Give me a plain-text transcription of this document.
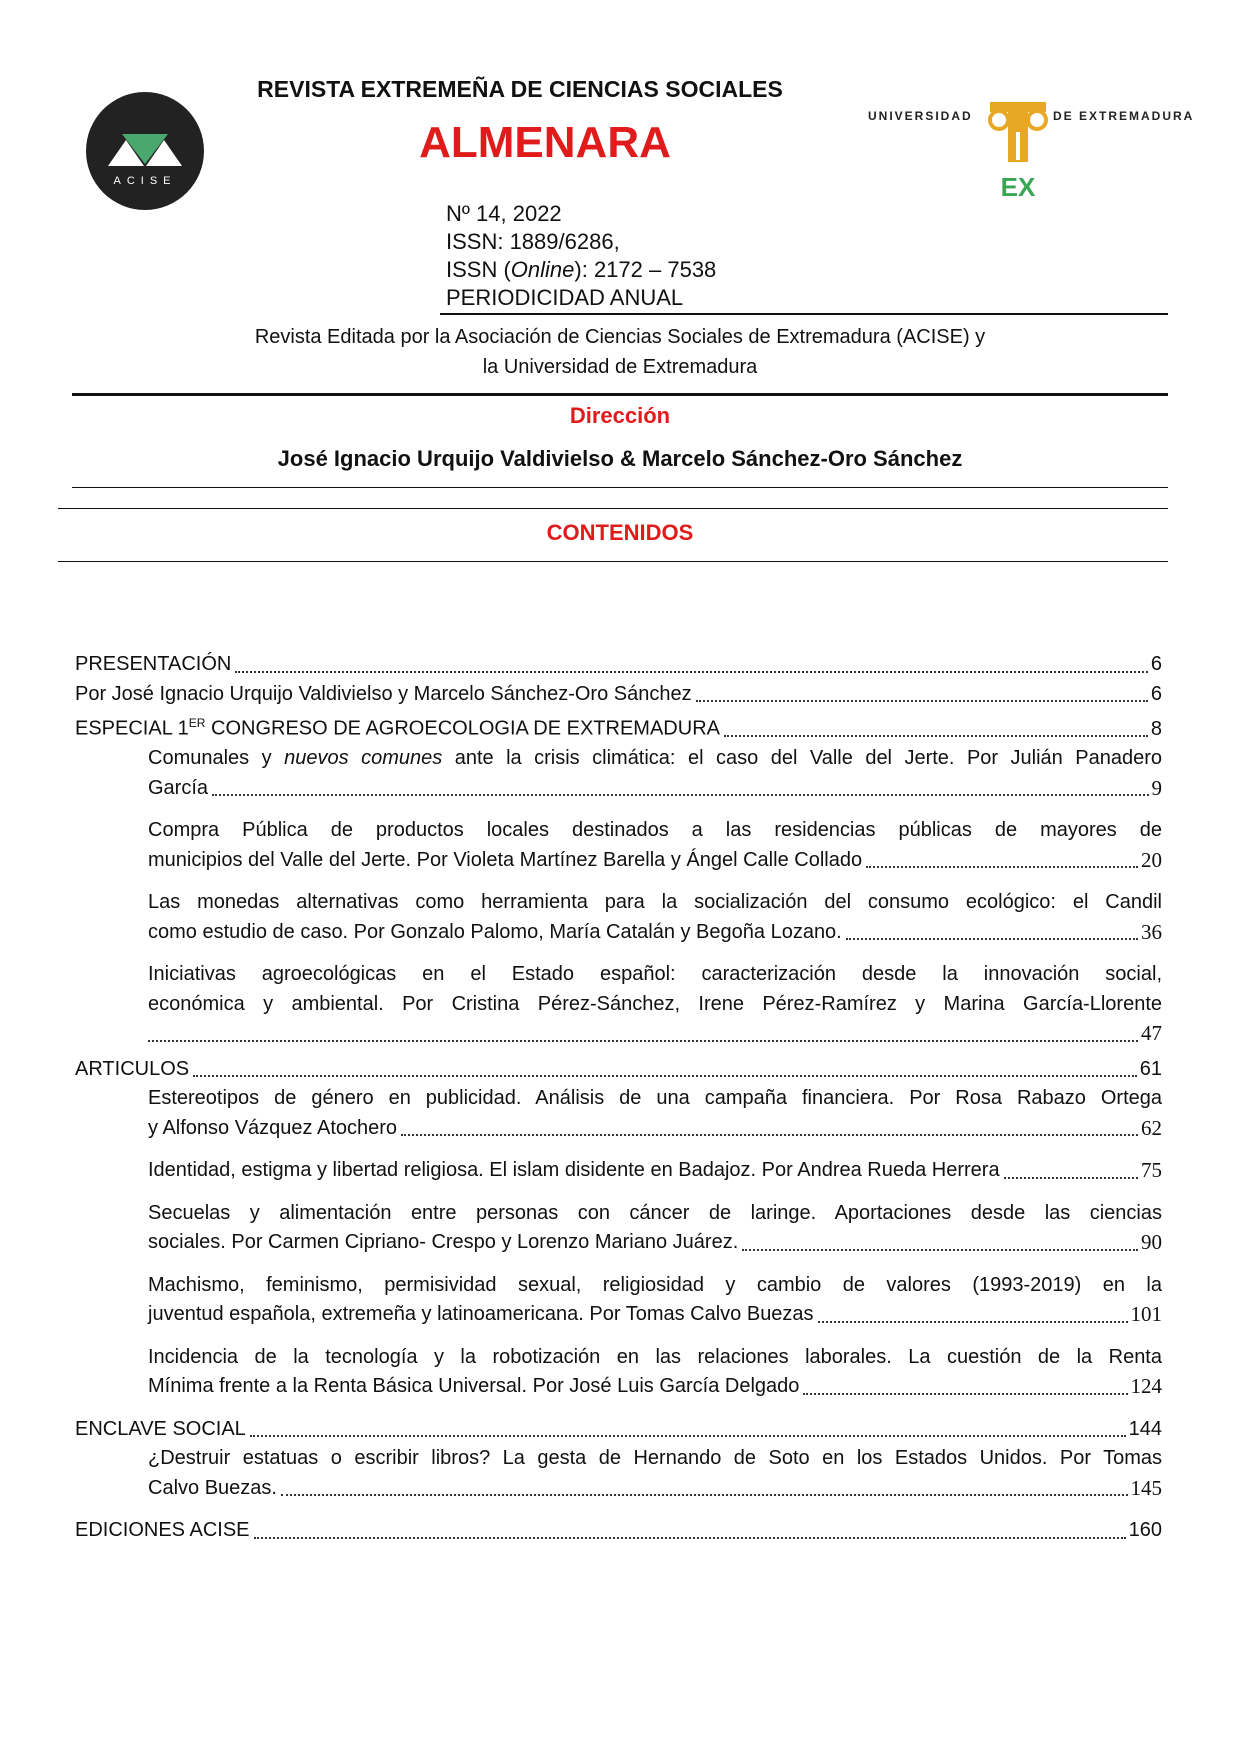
ACISE
REVISTA EXTREMEÑA DE CIENCIAS SOCIALES
ALMENARA
UNIVERSIDAD	DE EXTREMADURA
EX
Nº 14, 2022
ISSN: 1889/6286,
ISSN (Online): 2172 – 7538
PERIODICIDAD ANUAL
Revista Editada por la Asociación de Ciencias Sociales de Extremadura (ACISE) y
la Universidad de Extremadura
Dirección
José Ignacio Urquijo Valdivielso & Marcelo Sánchez-Oro Sánchez
CONTENIDOS
PRESENTACIÓN	6
Por José Ignacio Urquijo Valdivielso y Marcelo Sánchez-Oro Sánchez	6
ESPECIAL 1ER CONGRESO DE AGROECOLOGIA DE EXTREMADURA	8
Comunales y nuevos comunes ante la crisis climática: el caso del Valle del Jerte. Por Julián Panadero
García	9
Compra Pública de productos locales destinados a las residencias públicas de mayores de
municipios del Valle del Jerte. Por Violeta Martínez Barella y Ángel Calle Collado	20
Las monedas alternativas como herramienta para la socialización del consumo ecológico: el Candil
como estudio de caso. Por Gonzalo Palomo, María Catalán y Begoña Lozano.	36
Iniciativas agroecológicas en el Estado español: caracterización desde la innovación social,
económica y ambiental. Por Cristina Pérez-Sánchez, Irene Pérez-Ramírez y Marina García-Llorente
47
ARTICULOS	61
Estereotipos de género en publicidad. Análisis de una campaña financiera. Por Rosa Rabazo Ortega
y Alfonso Vázquez Atochero	62
Identidad, estigma y libertad religiosa. El islam disidente en Badajoz. Por Andrea Rueda Herrera	75
Secuelas y alimentación entre personas con cáncer de laringe. Aportaciones desde las ciencias
sociales. Por Carmen Cipriano- Crespo y Lorenzo Mariano Juárez.	90
Machismo, feminismo, permisividad sexual, religiosidad y cambio de valores (1993-2019) en la
juventud española, extremeña y latinoamericana. Por Tomas Calvo Buezas	101
Incidencia de la tecnología y la robotización en las relaciones laborales. La cuestión de la Renta
Mínima frente a la Renta Básica Universal. Por José Luis García Delgado	124
ENCLAVE SOCIAL	144
¿Destruir estatuas o escribir libros? La gesta de Hernando de Soto en los Estados Unidos. Por Tomas
Calvo Buezas.	145
EDICIONES ACISE	160
